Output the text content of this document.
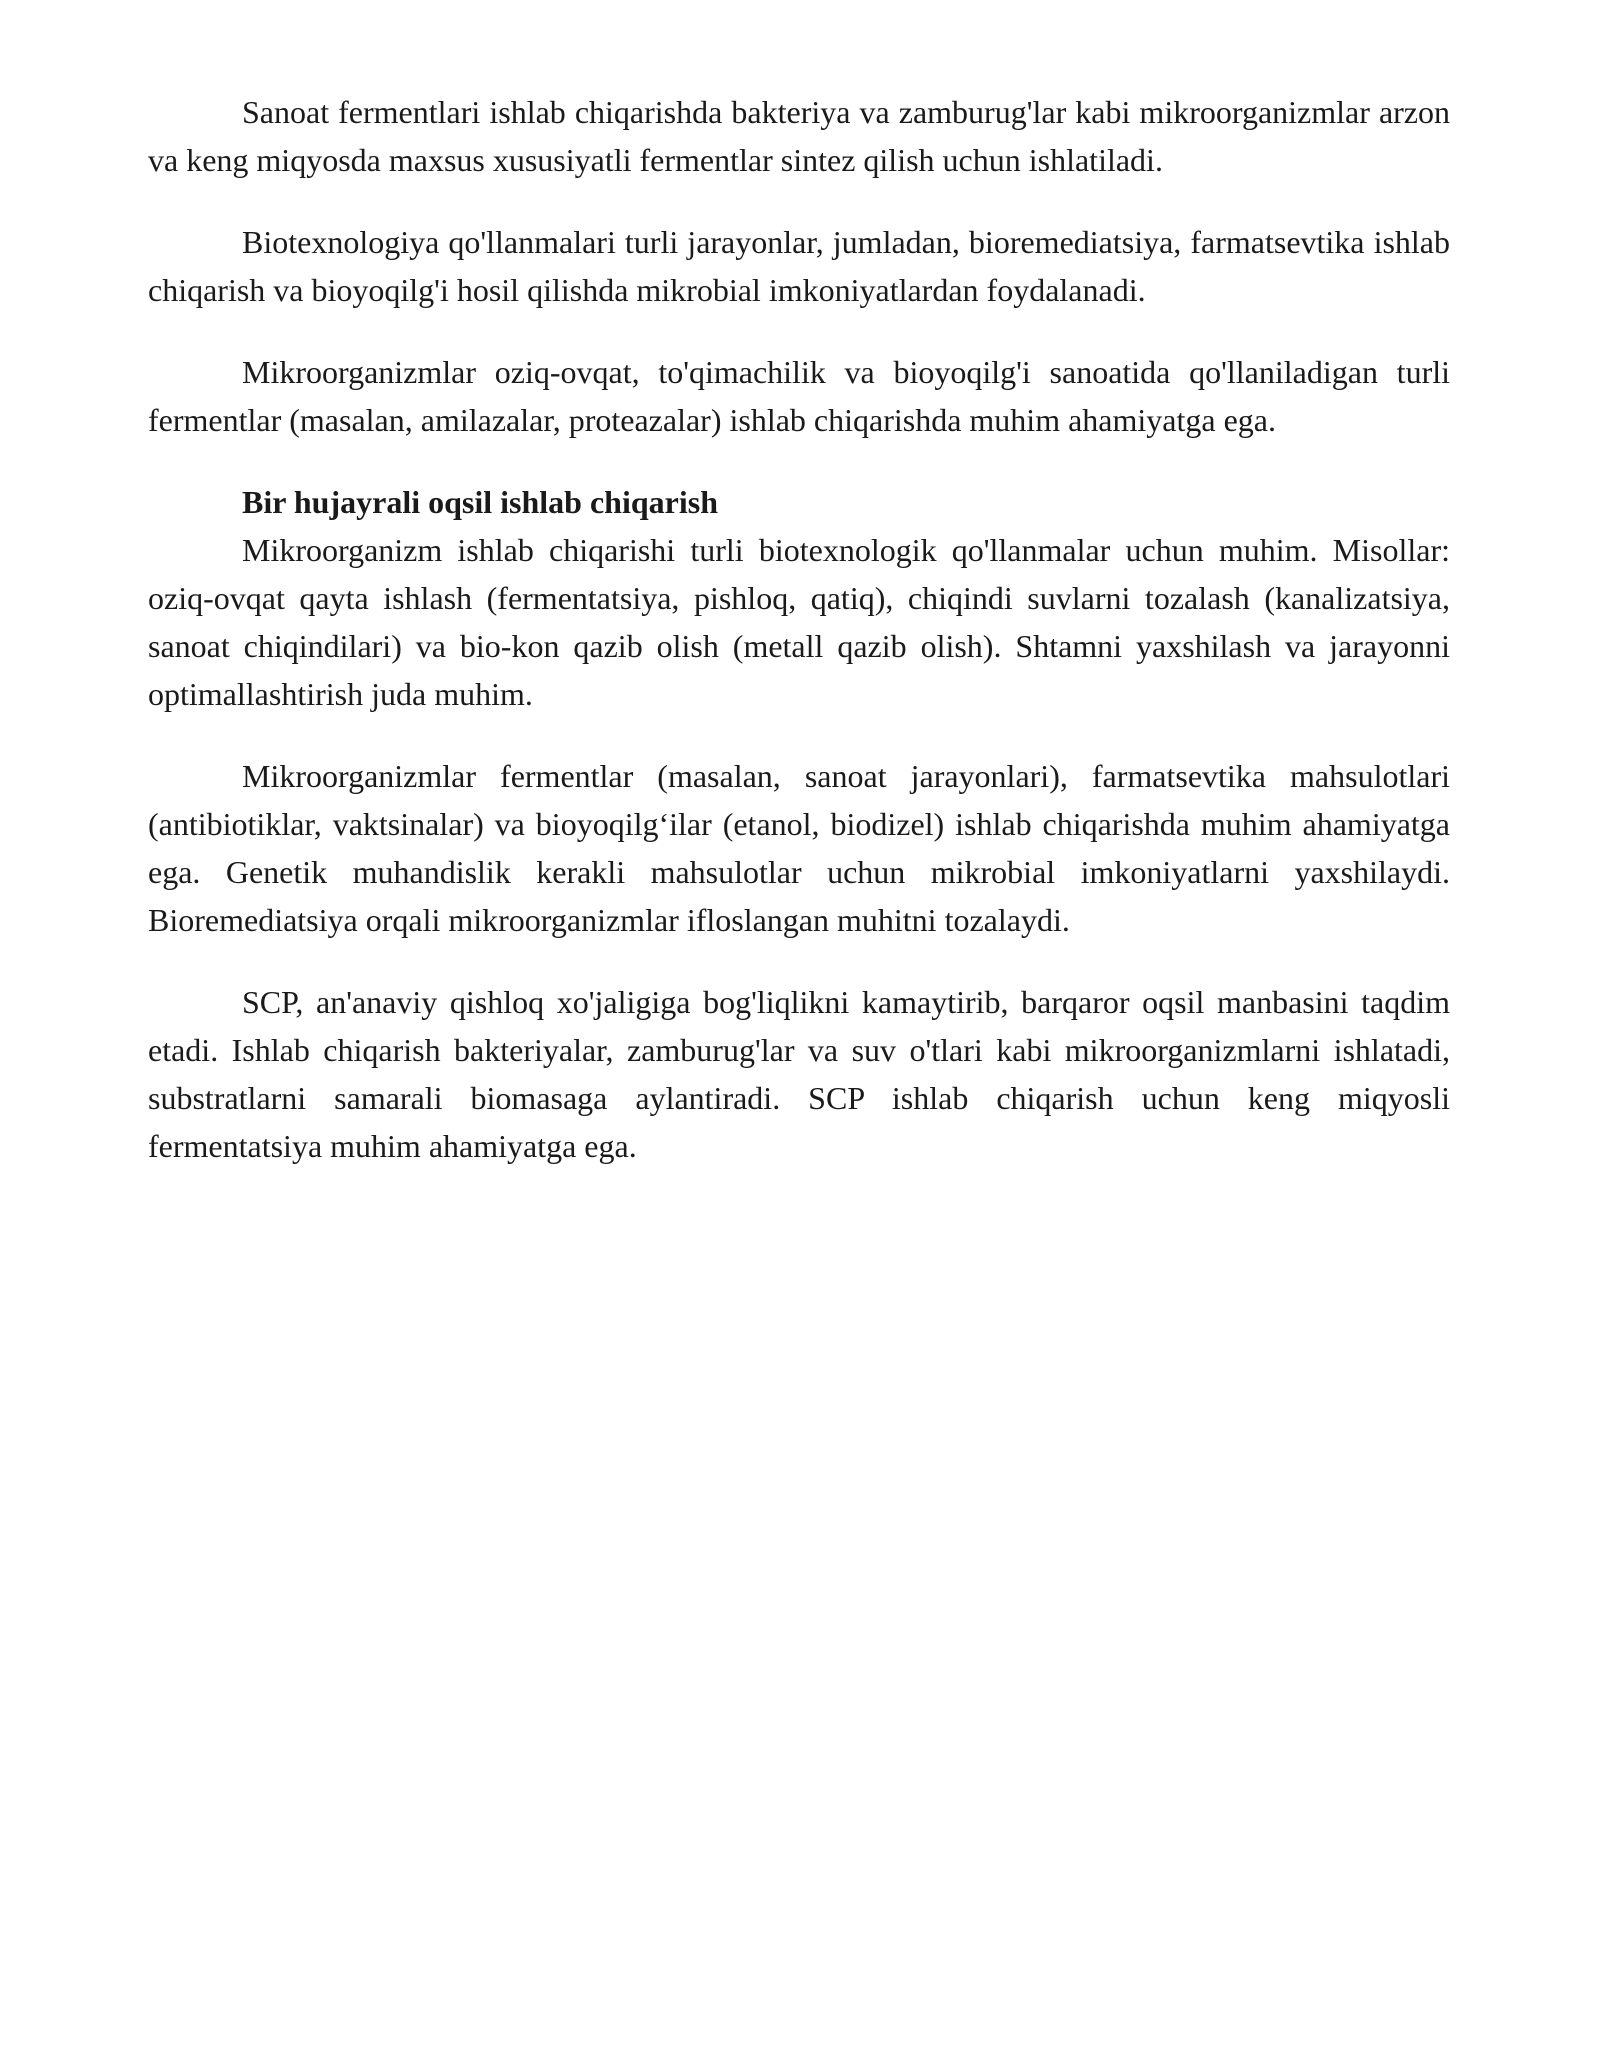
Sanoat fermentlari ishlab chiqarishda bakteriya va zamburug'lar kabi mikroorganizmlar arzon va keng miqyosda maxsus xususiyatli fermentlar sintez qilish uchun ishlatiladi.

Biotexnologiya qo'llanmalari turli jarayonlar, jumladan, bioremediatsiya, farmatsevtika ishlab chiqarish va bioyoqilg'i hosil qilishda mikrobial imkoniyatlardan foydalanadi.

Mikroorganizmlar oziq-ovqat, to'qimachilik va bioyoqilg'i sanoatida qo'llaniladigan turli fermentlar (masalan, amilazalar, proteazalar) ishlab chiqarishda muhim ahamiyatga ega.

Bir hujayrali oqsil ishlab chiqarish

Mikroorganizm ishlab chiqarishi turli biotexnologik qo'llanmalar uchun muhim. Misollar: oziq-ovqat qayta ishlash (fermentatsiya, pishloq, qatiq), chiqindi suvlarni tozalash (kanalizatsiya, sanoat chiqindilari) va bio-kon qazib olish (metall qazib olish). Shtamni yaxshilash va jarayonni optimallashtirish juda muhim.

Mikroorganizmlar fermentlar (masalan, sanoat jarayonlari), farmatsevtika mahsulotlari (antibiotiklar, vaktsinalar) va bioyoqilg‘ilar (etanol, biodizel) ishlab chiqarishda muhim ahamiyatga ega. Genetik muhandislik kerakli mahsulotlar uchun mikrobial imkoniyatlarni yaxshilaydi. Bioremediatsiya orqali mikroorganizmlar ifloslangan muhitni tozalaydi.

SCP, an'anaviy qishloq xo'jaligiga bog'liqlikni kamaytirib, barqaror oqsil manbasini taqdim etadi. Ishlab chiqarish bakteriyalar, zamburug'lar va suv o'tlari kabi mikroorganizmlarni ishlatadi, substratlarni samarali biomasaga aylantiradi. SCP ishlab chiqarish uchun keng miqyosli fermentatsiya muhim ahamiyatga ega.
